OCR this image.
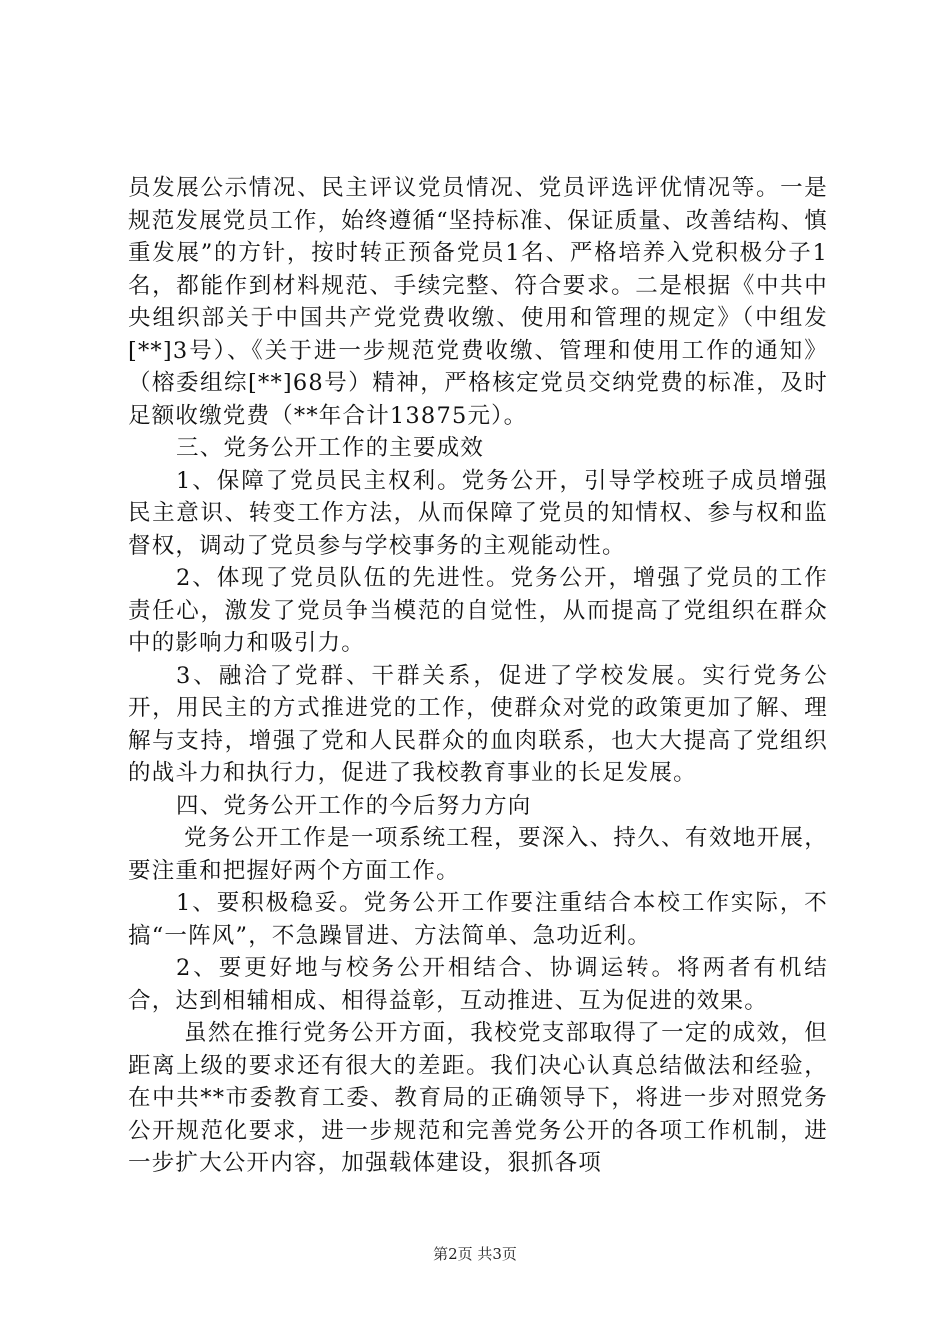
员发展公示情况、民主评议党员情况、党员评选评优情况等。一是规范发展党员工作，始终遵循“坚持标准、保证质量、改善结构、慎重发展”的方针，按时转正预备党员1名、严格培养入党积极分子1名，都能作到材料规范、手续完整、符合要求。二是根据《中共中央组织部关于中国共产党党费收缴、使用和管理的规定》（中组发[**]3号）、《关于进一步规范党费收缴、管理和使用工作的通知》（榕委组综[**]68号）精神，严格核定党员交纳党费的标准，及时足额收缴党费（**年合计13875元）。

三、党务公开工作的主要成效

1、保障了党员民主权利。党务公开，引导学校班子成员增强民主意识、转变工作方法，从而保障了党员的知情权、参与权和监督权，调动了党员参与学校事务的主观能动性。

2、体现了党员队伍的先进性。党务公开，增强了党员的工作责任心，激发了党员争当模范的自觉性，从而提高了党组织在群众中的影响力和吸引力。

3、融洽了党群、干群关系，促进了学校发展。实行党务公开，用民主的方式推进党的工作，使群众对党的政策更加了解、理解与支持，增强了党和人民群众的血肉联系，也大大提高了党组织的战斗力和执行力，促进了我校教育事业的长足发展。

四、党务公开工作的今后努力方向

党务公开工作是一项系统工程，要深入、持久、有效地开展，要注重和把握好两个方面工作。

1、要积极稳妥。党务公开工作要注重结合本校工作实际，不搞“一阵风”，不急躁冒进、方法简单、急功近利。

2、要更好地与校务公开相结合、协调运转。将两者有机结合，达到相辅相成、相得益彰，互动推进、互为促进的效果。

虽然在推行党务公开方面，我校党支部取得了一定的成效，但距离上级的要求还有很大的差距。我们决心认真总结做法和经验，在中共**市委教育工委、教育局的正确领导下，将进一步对照党务公开规范化要求，进一步规范和完善党务公开的各项工作机制，进一步扩大公开内容，加强载体建设，狠抓各项

第2页 共3页
